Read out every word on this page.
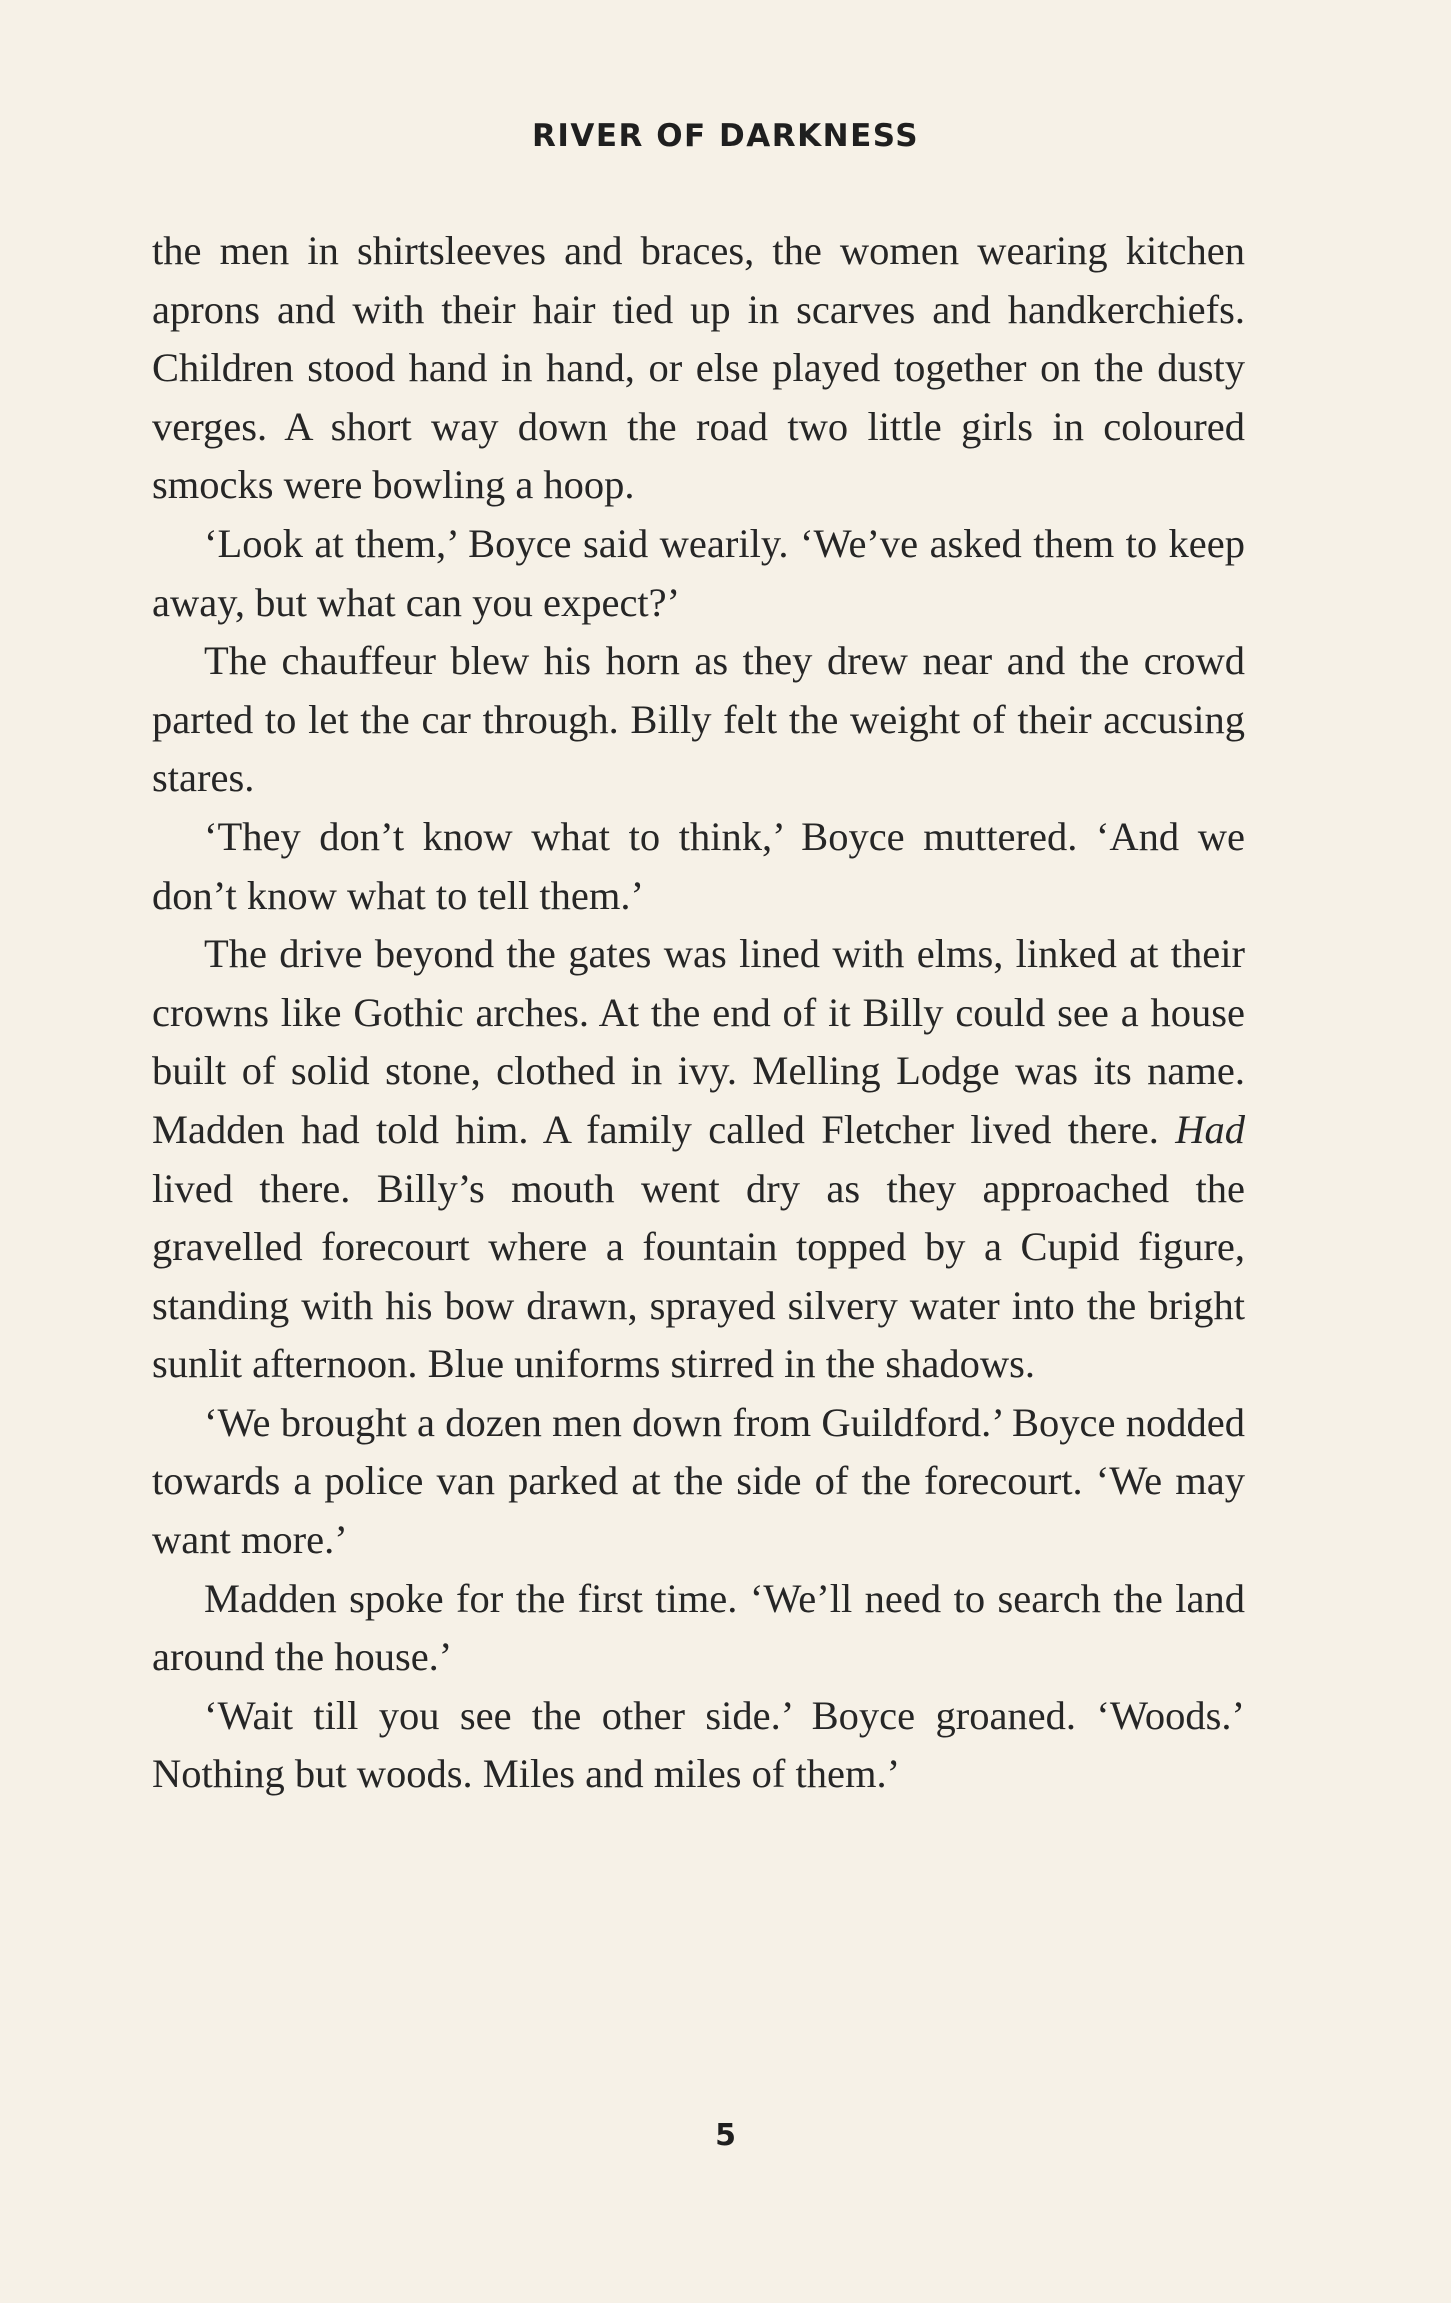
RIVER OF DARKNESS

the men in shirtsleeves and braces, the women wearing kitchen aprons and with their hair tied up in scarves and handkerchiefs. Children stood hand in hand, or else played together on the dusty verges. A short way down the road two little girls in coloured smocks were bowling a hoop.

‘Look at them,’ Boyce said wearily. ‘We’ve asked them to keep away, but what can you expect?’

The chauffeur blew his horn as they drew near and the crowd parted to let the car through. Billy felt the weight of their accusing stares.

‘They don’t know what to think,’ Boyce muttered. ‘And we don’t know what to tell them.’

The drive beyond the gates was lined with elms, linked at their crowns like Gothic arches. At the end of it Billy could see a house built of solid stone, clothed in ivy. Melling Lodge was its name. Madden had told him. A family called Fletcher lived there. Had lived there. Billy’s mouth went dry as they approached the gravelled forecourt where a fountain topped by a Cupid figure, standing with his bow drawn, sprayed silvery water into the bright sunlit afternoon. Blue uniforms stirred in the shadows.

‘We brought a dozen men down from Guildford.’ Boyce nodded towards a police van parked at the side of the forecourt. ‘We may want more.’

Madden spoke for the first time. ‘We’ll need to search the land around the house.’

‘Wait till you see the other side.’ Boyce groaned. ‘Woods.’ Nothing but woods. Miles and miles of them.’

5
